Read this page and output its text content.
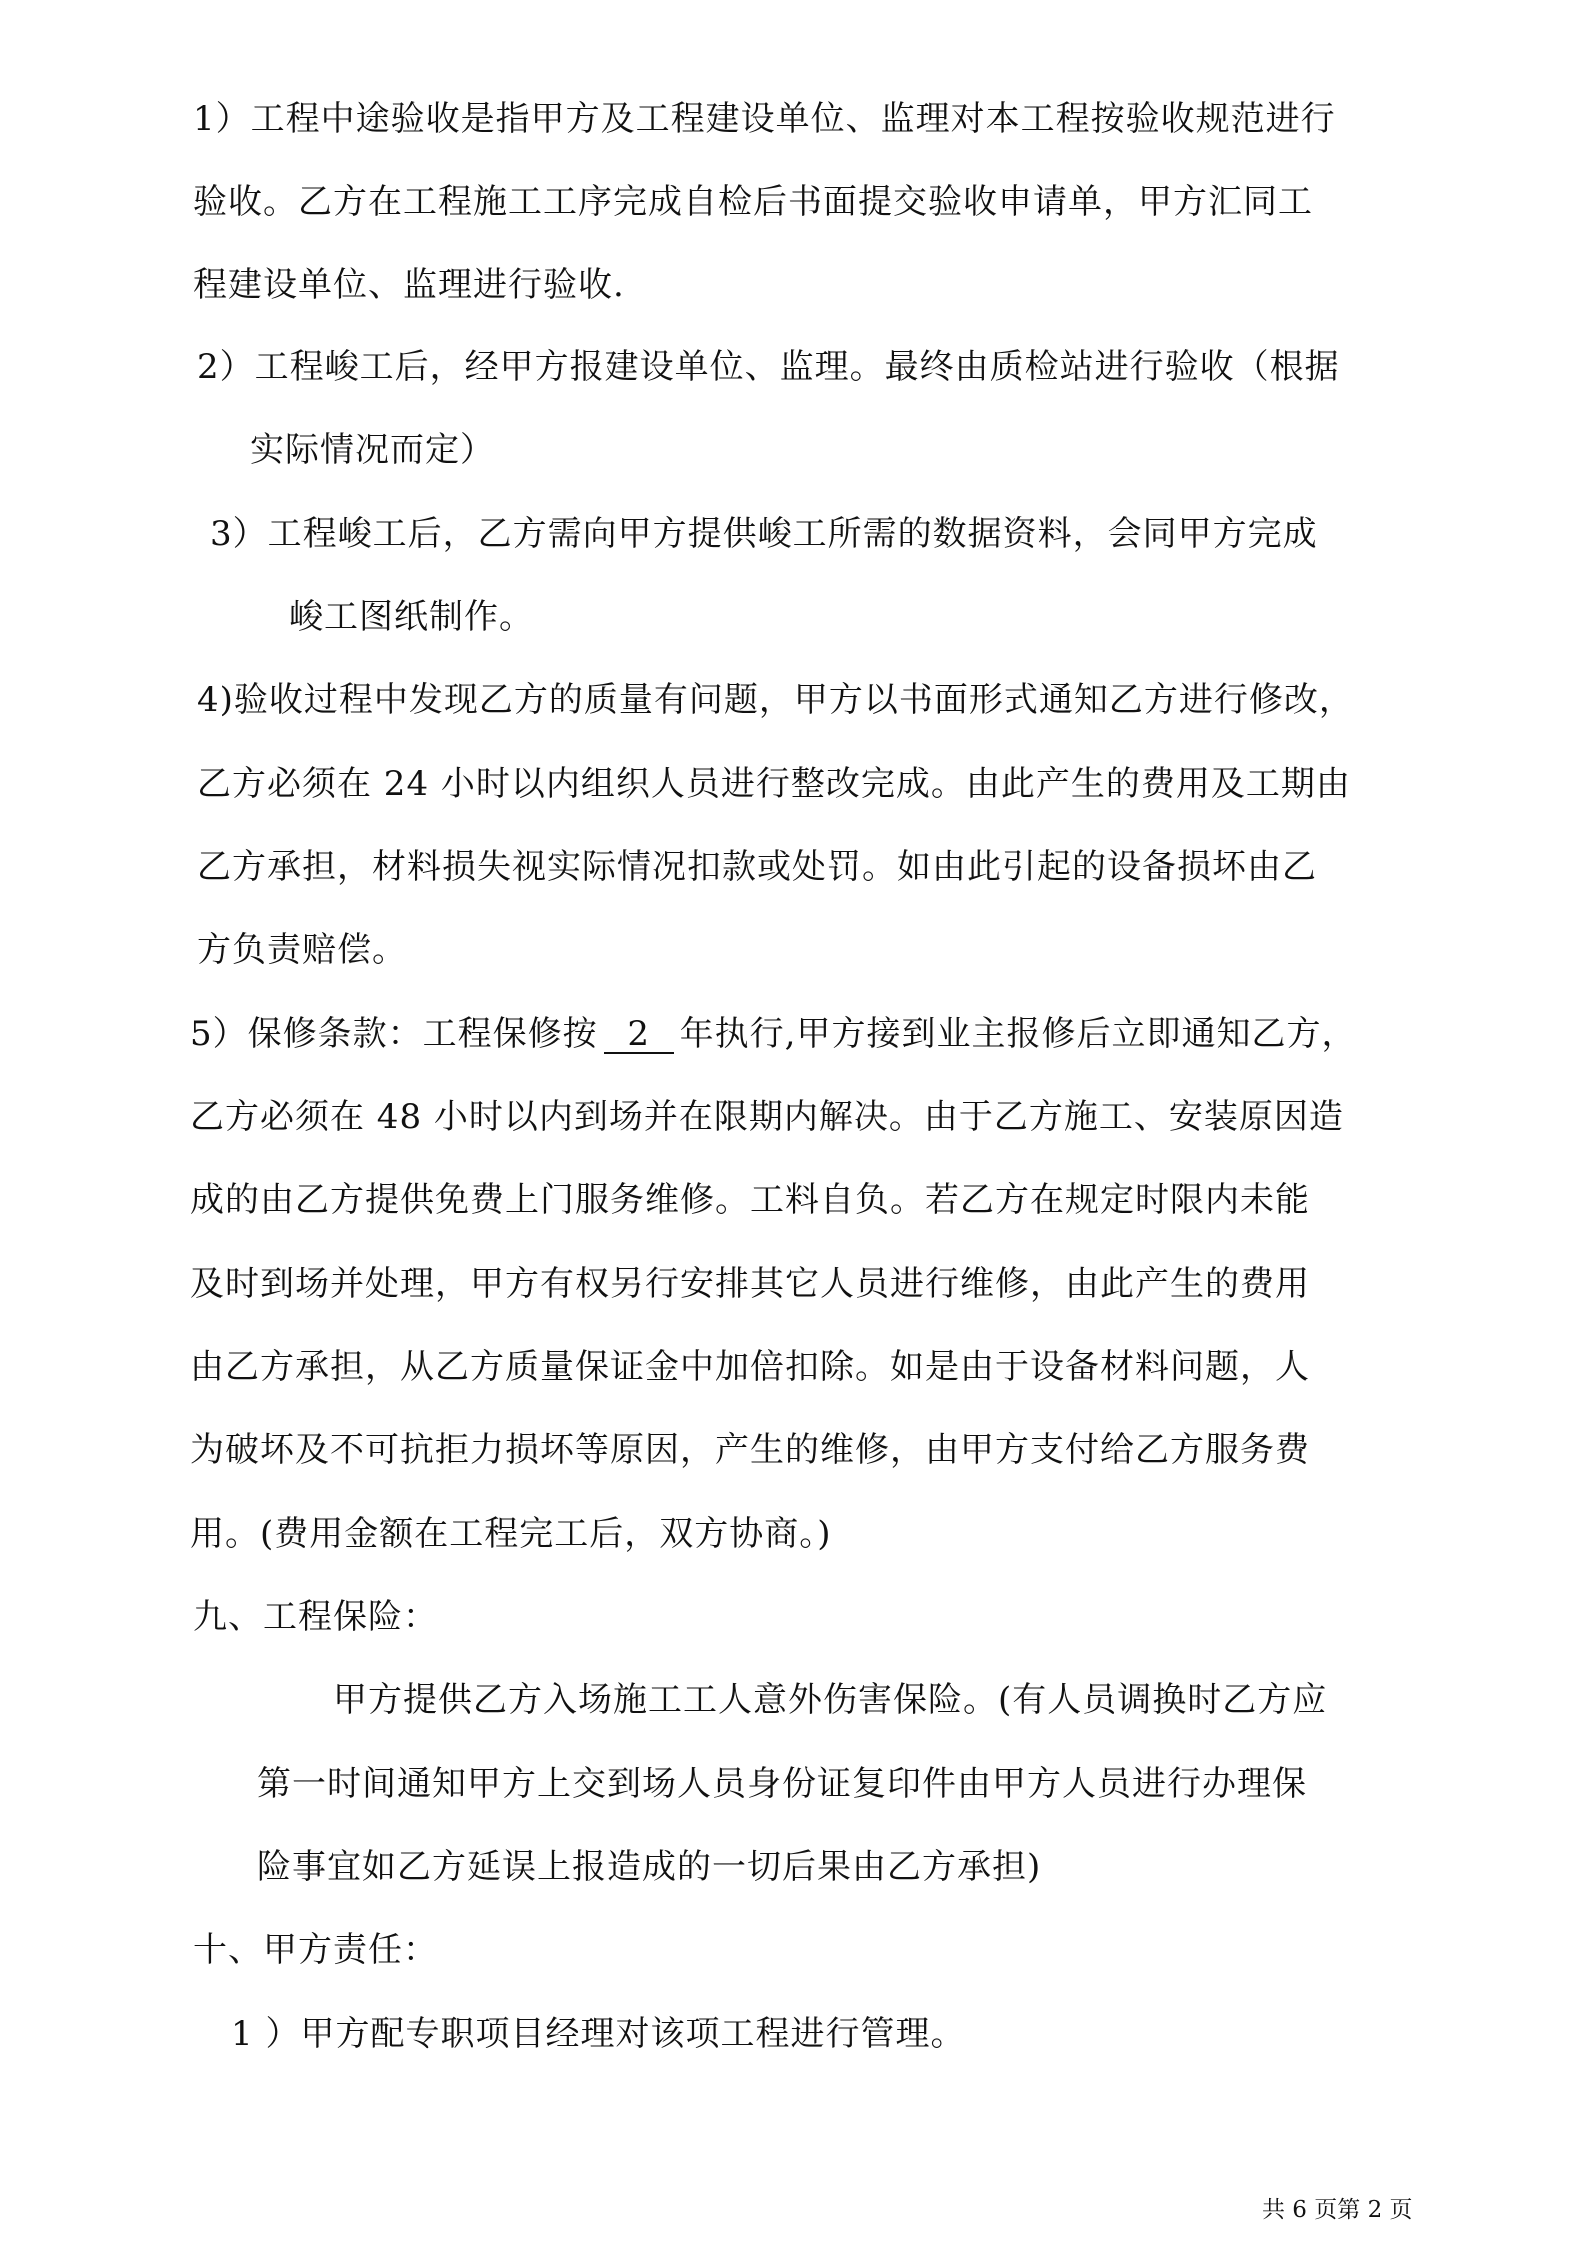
1）工程中途验收是指甲方及工程建设单位、监理对本工程按验收规范进行
验收。乙方在工程施工工序完成自检后书面提交验收申请单，甲方汇同工
程建设单位、监理进行验收.
2）工程峻工后，经甲方报建设单位、监理。最终由质检站进行验收（根据
实际情况而定）
3）工程峻工后，乙方需向甲方提供峻工所需的数据资料，会同甲方完成
峻工图纸制作。
4)验收过程中发现乙方的质量有问题，甲方以书面形式通知乙方进行修改，
乙方必须在 24 小时以内组织人员进行整改完成。由此产生的费用及工期由
乙方承担，材料损失视实际情况扣款或处罚。如由此引起的设备损坏由乙
方负责赔偿。
5）保修条款：工程保修按 2 年执行,甲方接到业主报修后立即通知乙方，
乙方必须在 48 小时以内到场并在限期内解决。由于乙方施工、安装原因造
成的由乙方提供免费上门服务维修。工料自负。若乙方在规定时限内未能
及时到场并处理，甲方有权另行安排其它人员进行维修，由此产生的费用
由乙方承担，从乙方质量保证金中加倍扣除。如是由于设备材料问题，人
为破坏及不可抗拒力损坏等原因，产生的维修，由甲方支付给乙方服务费
用。(费用金额在工程完工后，双方协商。)
九、工程保险：
甲方提供乙方入场施工工人意外伤害保险。(有人员调换时乙方应
第一时间通知甲方上交到场人员身份证复印件由甲方人员进行办理保
险事宜如乙方延误上报造成的一切后果由乙方承担)
十、甲方责任：
1 ）甲方配专职项目经理对该项工程进行管理。
共 6 页第 2 页
